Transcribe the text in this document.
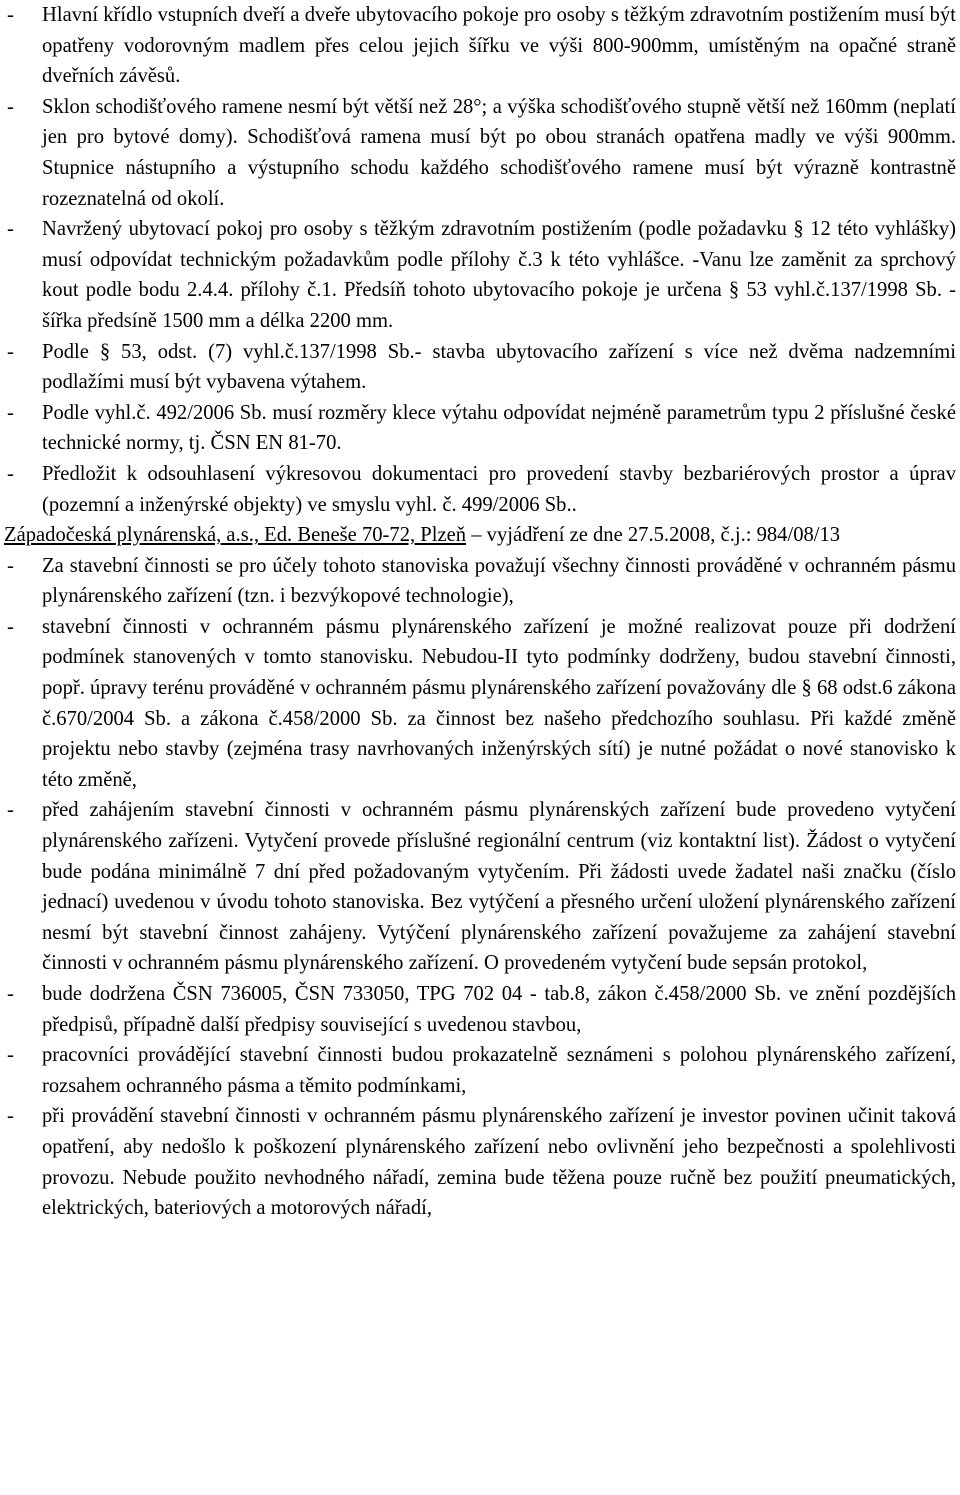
- Hlavní křídlo vstupních dveří a dveře ubytovacího pokoje pro osoby s těžkým zdravotním postižením musí být opatřeny vodorovným madlem přes celou jejich šířku ve výši 800-900mm, umístěným na opačné straně dveřních závěsů.
- Sklon schodišťového ramene nesmí být větší než 28°; a výška schodišťového stupně větší než 160mm (neplatí jen pro bytové domy). Schodišťová ramena musí být po obou stranách opatřena madly ve výši 900mm. Stupnice nástupního a výstupního schodu každého schodišťového ramene musí být výrazně kontrastně rozeznatelná od okolí.
- Navržený ubytovací pokoj pro osoby s těžkým zdravotním postižením (podle požadavku § 12 této vyhlášky) musí odpovídat technickým požadavkům podle přílohy č.3 k této vyhlášce. -Vanu lze zaměnit za sprchový kout podle bodu 2.4.4. přílohy č.1. Předsíň tohoto ubytovacího pokoje je určena § 53 vyhl.č.137/1998 Sb. - šířka předsíně 1500 mm a délka 2200 mm.
- Podle § 53, odst. (7) vyhl.č.137/1998 Sb.- stavba ubytovacího zařízení s více než dvěma nadzemními podlažími musí být vybavena výtahem.
- Podle vyhl.č. 492/2006 Sb. musí rozměry klece výtahu odpovídat nejméně parametrům typu 2 příslušné české technické normy, tj. ČSN EN 81-70.
- Předložit k odsouhlasení výkresovou dokumentaci pro provedení stavby bezbariérových prostor a úprav (pozemní a inženýrské objekty) ve smyslu vyhl. č. 499/2006 Sb..
Západočeská plynárenská, a.s., Ed. Beneše 70-72, Plzeň – vyjádření ze dne 27.5.2008, č.j.: 984/08/13
- Za stavební činnosti se pro účely tohoto stanoviska považují všechny činnosti prováděné v ochranném pásmu plynárenského zařízení (tzn. i bezvýkopové technologie),
- stavební činnosti v ochranném pásmu plynárenského zařízení je možné realizovat pouze při dodržení podmínek stanovených v tomto stanovisku. Nebudou-II tyto podmínky dodrženy, budou stavební činnosti, popř. úpravy terénu prováděné v ochranném pásmu plynárenského zařízení považovány dle § 68 odst.6 zákona č.670/2004 Sb. a zákona č.458/2000 Sb. za činnost bez našeho předchozího souhlasu. Při každé změně projektu nebo stavby (zejména trasy navrhovaných inženýrských sítí) je nutné požádat o nové stanovisko k této změně,
- před zahájením stavební činnosti v ochranném pásmu plynárenských zařízení bude provedeno vytyčení plynárenského zařízeni. Vytyčení provede příslušné regionální centrum (viz kontaktní list). Žádost o vytyčení bude podána minimálně 7 dní před požadovaným vytyčením. Při žádosti uvede žadatel naši značku (číslo jednací) uvedenou v úvodu tohoto stanoviska. Bez vytýčení a přesného určení uložení plynárenského zařízení nesmí být stavební činnost zahájeny. Vytýčení plynárenského zařízení považujeme za zahájení stavební činnosti v ochranném pásmu plynárenského zařízení. O provedeném vytyčení bude sepsán protokol,
- bude dodržena ČSN 736005, ČSN 733050, TPG 702 04 - tab.8, zákon č.458/2000 Sb. ve znění pozdějších předpisů, případně další předpisy související s uvedenou stavbou,
- pracovníci provádějící stavební činnosti budou prokazatelně seznámeni s polohou plynárenského zařízení, rozsahem ochranného pásma a těmito podmínkami,
- při provádění stavební činnosti v ochranném pásmu plynárenského zařízení je investor povinen učinit taková opatření, aby nedošlo k poškození plynárenského zařízení nebo ovlivnění jeho bezpečnosti a spolehlivosti provozu. Nebude použito nevhodného nářadí, zemina bude těžena pouze ručně bez použití pneumatických, elektrických, bateriových a motorových nářadí,
